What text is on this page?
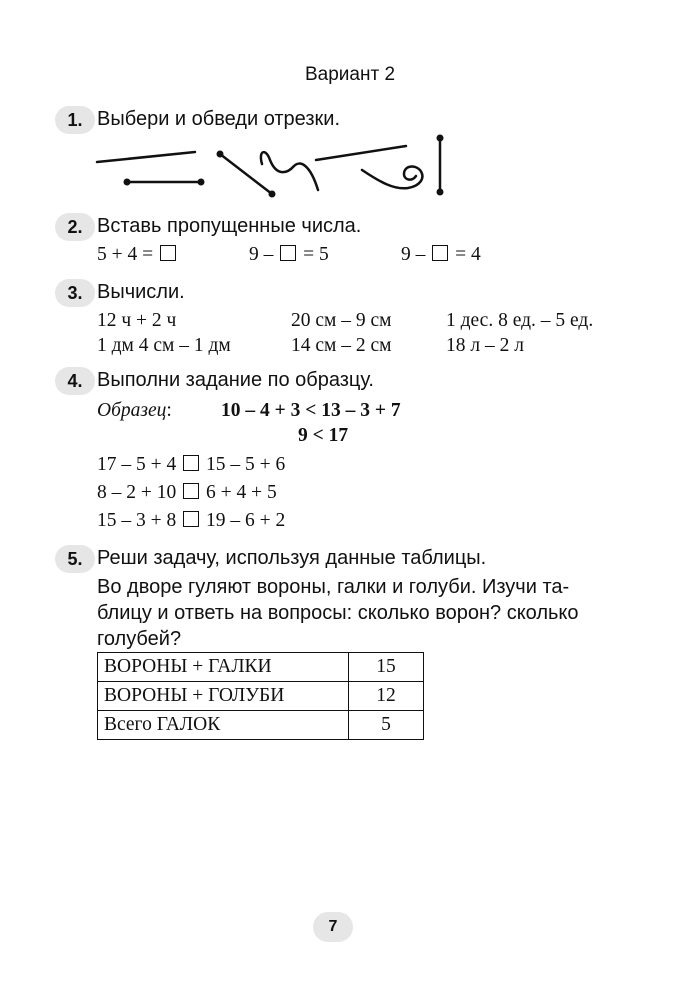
Вариант 2
1. Выбери и обведи отрезки.
2. Вставь пропущенные числа.
5 + 4 =	9 – = 5	9 – = 4
3. Вычисли.
12 ч + 2 ч	20 см – 9 см	1 дес. 8 ед. – 5 ед.
1 дм 4 см – 1 дм	14 см – 2 см	18 л – 2 л
4. Выполни задание по образцу.
Образец:	10 – 4 + 3 < 13 – 3 + 7
9 < 17
17 – 5 + 4 15 – 5 + 6
8 – 2 + 10 6 + 4 + 5
15 – 3 + 8 19 – 6 + 2
5. Реши задачу, используя данные таблицы.
Во дворе гуляют вороны, галки и голуби. Изучи та-
блицу и ответь на вопросы: сколько ворон? сколько
голубей?
ВОРОНЫ + ГАЛКИ	15
ВОРОНЫ + ГОЛУБИ	12
Всего ГАЛОК	5
7
